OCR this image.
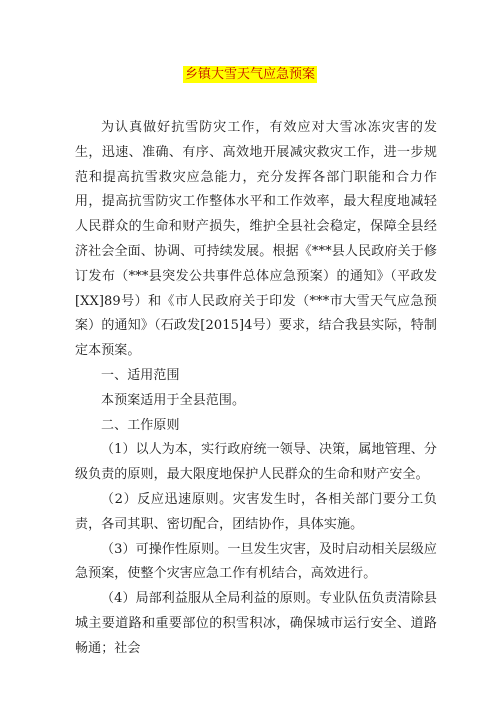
乡镇大雪天气应急预案

为认真做好抗雪防灾工作，有效应对大雪冰冻灾害的发生，迅速、准确、有序、高效地开展减灾救灾工作，进一步规范和提高抗雪救灾应急能力，充分发挥各部门职能和合力作用，提高抗雪防灾工作整体水平和工作效率，最大程度地减轻人民群众的生命和财产损失，维护全县社会稳定，保障全县经济社会全面、协调、可持续发展。根据《***县人民政府关于修订发布（***县突发公共事件总体应急预案）的通知》（平政发[XX]89号）和《市人民政府关于印发（***市大雪天气应急预案）的通知》（石政发[2015]4号）要求，结合我县实际，特制定本预案。

一、适用范围

本预案适用于全县范围。

二、工作原则

（1）以人为本，实行政府统一领导、决策，属地管理、分级负责的原则，最大限度地保护人民群众的生命和财产安全。

（2）反应迅速原则。灾害发生时，各相关部门要分工负责，各司其职、密切配合，团结协作，具体实施。

（3）可操作性原则。一旦发生灾害，及时启动相关层级应急预案，使整个灾害应急工作有机结合，高效进行。

（4）局部利益服从全局利益的原则。专业队伍负责清除县城主要道路和重要部位的积雪积冰，确保城市运行安全、道路畅通；社会
